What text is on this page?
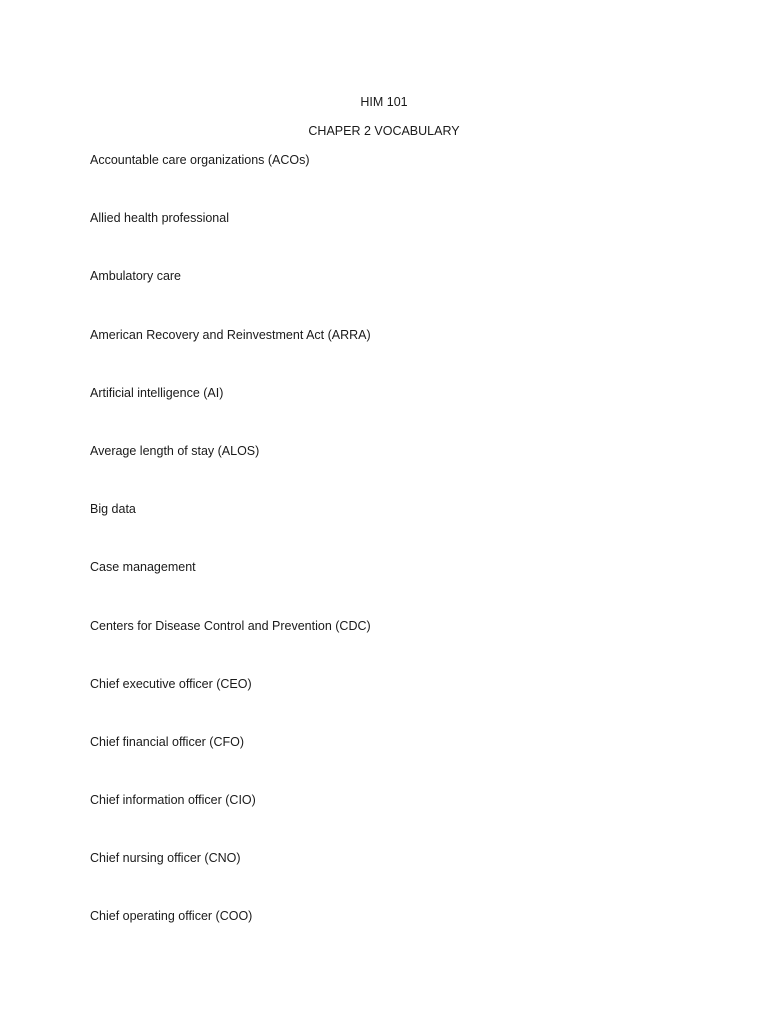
HIM 101
CHAPER 2 VOCABULARY
Accountable care organizations (ACOs)
Allied health professional
Ambulatory care
American Recovery and Reinvestment Act (ARRA)
Artificial intelligence (AI)
Average length of stay (ALOS)
Big data
Case management
Centers for Disease Control and Prevention (CDC)
Chief executive officer (CEO)
Chief financial officer (CFO)
Chief information officer (CIO)
Chief nursing officer (CNO)
Chief operating officer (COO)
